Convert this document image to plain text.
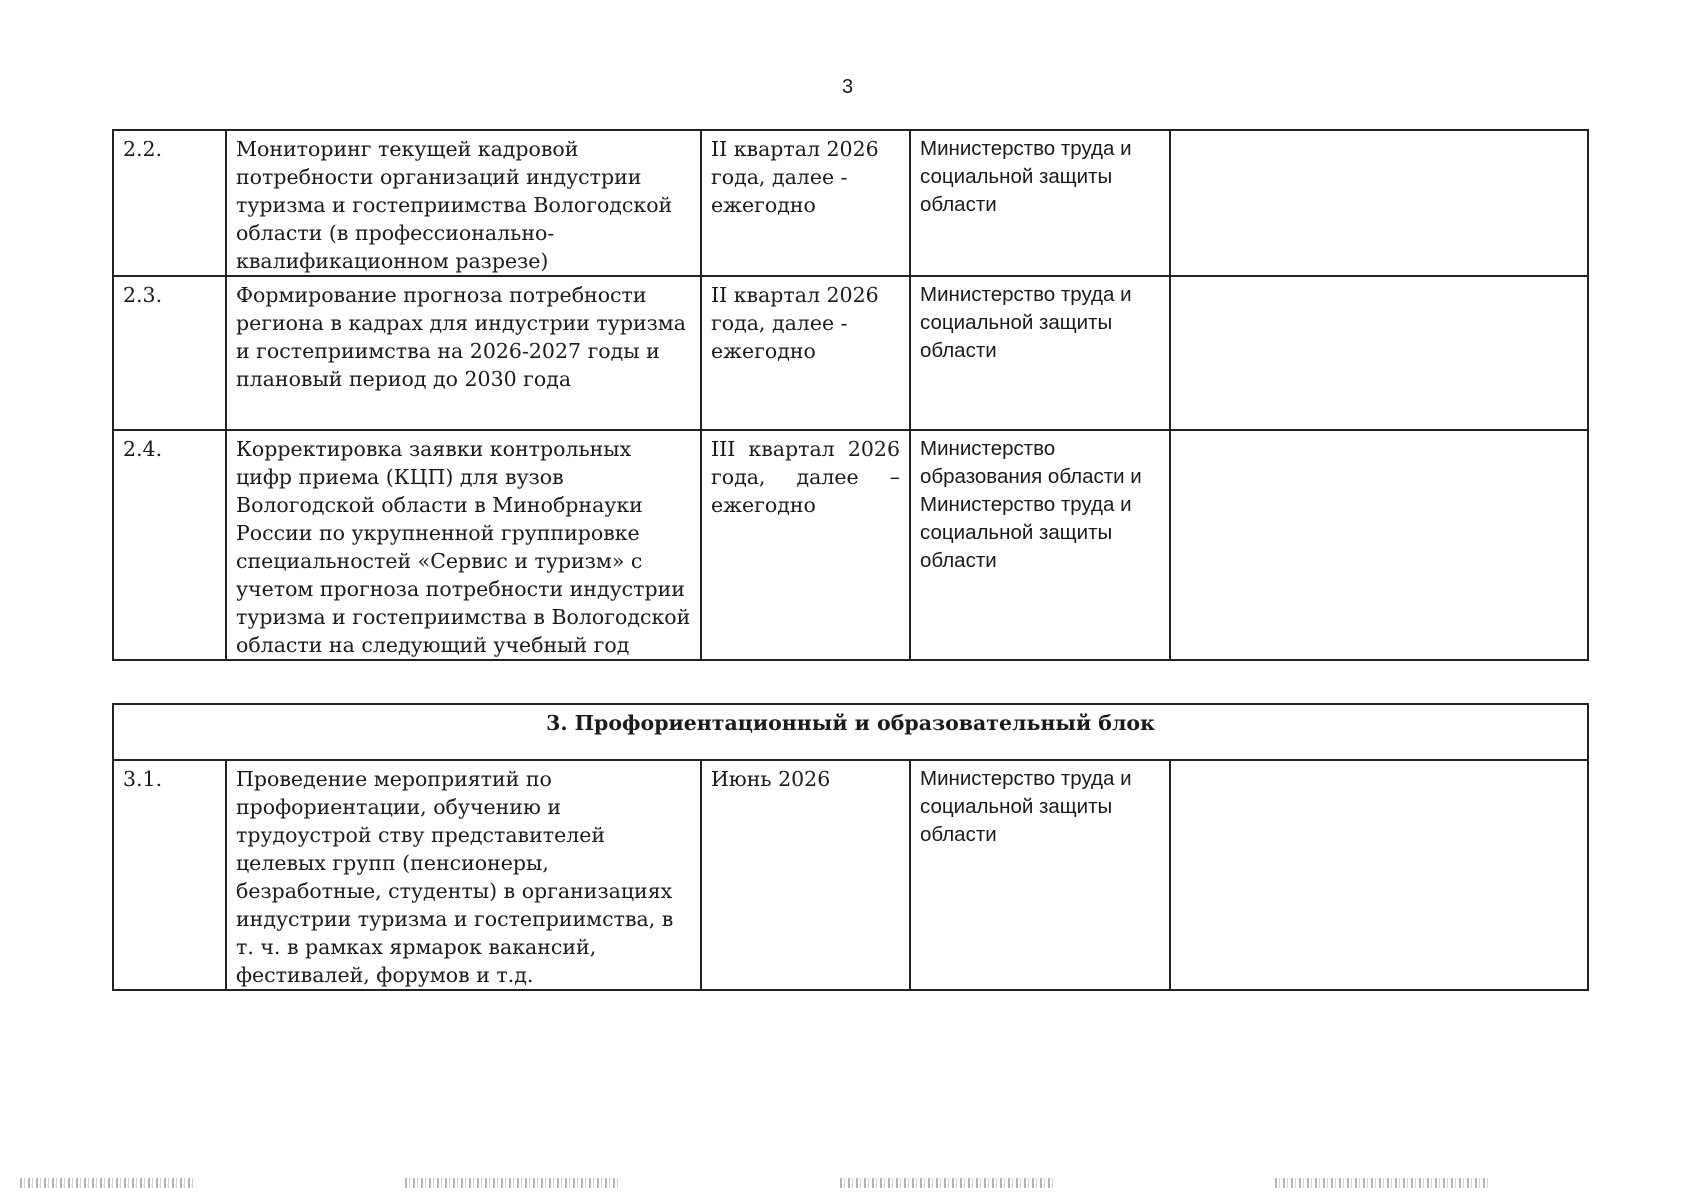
3
2.2.	Мониторинг текущей кадровой потребности организаций индустрии туризма и гостеприимства Вологодской области (в профессионально-квалификационном разрезе)	II квартал 2026 года, далее - ежегодно	Министерство труда и социальной защиты области	
2.3.	Формирование прогноза потребности региона в кадрах для индустрии туризма и гостеприимства на 2026-2027 годы и плановый период до 2030 года	II квартал 2026 года, далее - ежегодно	Министерство труда и социальной защиты области	
2.4.	Корректировка заявки контрольных цифр приема (КЦП) для вузов Вологодской области в Минобрнауки России по укрупненной группировке специальностей «Сервис и туризм» с учетом прогноза потребности индустрии туризма и гостеприимства в Вологодской области на следующий учебный год	III квартал 2026 года, далее – ежегодно	Министерство образования области и Министерство труда и социальной защиты области	
3. Профориентационный и образовательный блок
3.1.	Проведение мероприятий по профориентации, обучению и трудоустрой ству представителей целевых групп (пенсионеры, безработные, студенты) в организациях индустрии туризма и гостеприимства, в т. ч. в рамках ярмарок вакансий, фестивалей, форумов и т.д.	Июнь 2026	Министерство труда и социальной защиты области	
